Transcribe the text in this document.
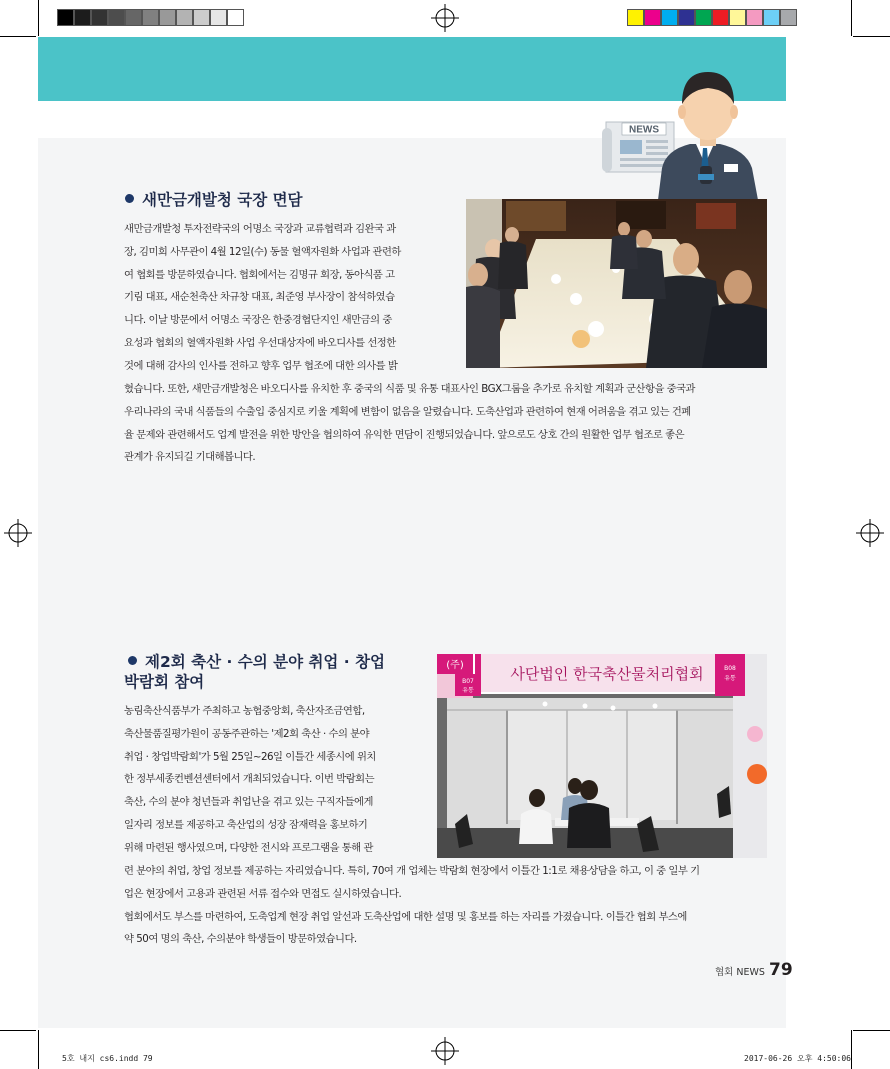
NEWS
새만금개발청 국장 면담

새만금개발청 투자전략국의 어명소 국장과 교류협력과 김완국 과

장, 김미희 사무관이 4월 12일(수) 동물 혈액자원화 사업과 관련하

여 협회를 방문하였습니다. 협회에서는 김명규 회장, 동아식품 고

기림 대표, 새순천축산 차규창 대표, 최준영 부사장이 참석하였습

니다. 이날 방문에서 어명소 국장은 한중경협단지인 새만금의 중

요성과 협회의 혈액자원화 사업 우선대상자에 바오디사를 선정한

것에 대해 감사의 인사를 전하고 향후 업무 협조에 대한 의사를 밝

혔습니다. 또한, 새만금개발청은 바오디사를 유치한 후 중국의 식품 및 유통 대표사인 BGX그룹을 추가로 유치할 계획과 군산항을 중국과

우리나라의 국내 식품들의 수출입 중심지로 키울 계획에 변함이 없음을 알렸습니다. 도축산업과 관련하여 현재 어려움을 겪고 있는 건폐

율 문제와 관련해서도 업계 발전을 위한 방안을 협의하여 유익한 면담이 진행되었습니다. 앞으로도 상호 간의 원활한 업무 협조로 좋은

관계가 유지되길 기대해봅니다.

제2회 축산 · 수의 분야 취업 · 창업
박람회 참여

농림축산식품부가 주최하고 농협중앙회, 축산자조금연합,

축산물품질평가원이 공동주관하는 '제2회 축산 · 수의 분야

취업 · 창업박람회'가 5월 25일~26일 이틀간 세종시에 위치

한 정부세종컨벤션센터에서 개최되었습니다. 이번 박람회는

축산, 수의 분야 청년들과 취업난을 겪고 있는 구직자들에게

일자리 정보를 제공하고 축산업의 성장 잠재력을 홍보하기

위해 마련된 행사였으며, 다양한 전시와 프로그램을 통해 관

사단법인 한국축산물처리협회
(주)
B07
유통
B08
유통

련 분야의 취업, 창업 정보를 제공하는 자리였습니다. 특히, 70여 개 업체는 박람회 현장에서 이틀간 1:1로 채용상담을 하고, 이 중 일부 기

업은 현장에서 고용과 관련된 서류 접수와 면접도 실시하였습니다.

협회에서도 부스를 마련하여, 도축업계 현장 취업 알선과 도축산업에 대한 설명 및 홍보를 하는 자리를 가졌습니다. 이틀간 협회 부스에

약 50여 명의 축산, 수의분야 학생들이 방문하였습니다.

협회 NEWS 79
5호 내지 cs6.indd 79	2017-06-26 오후 4:50:06
